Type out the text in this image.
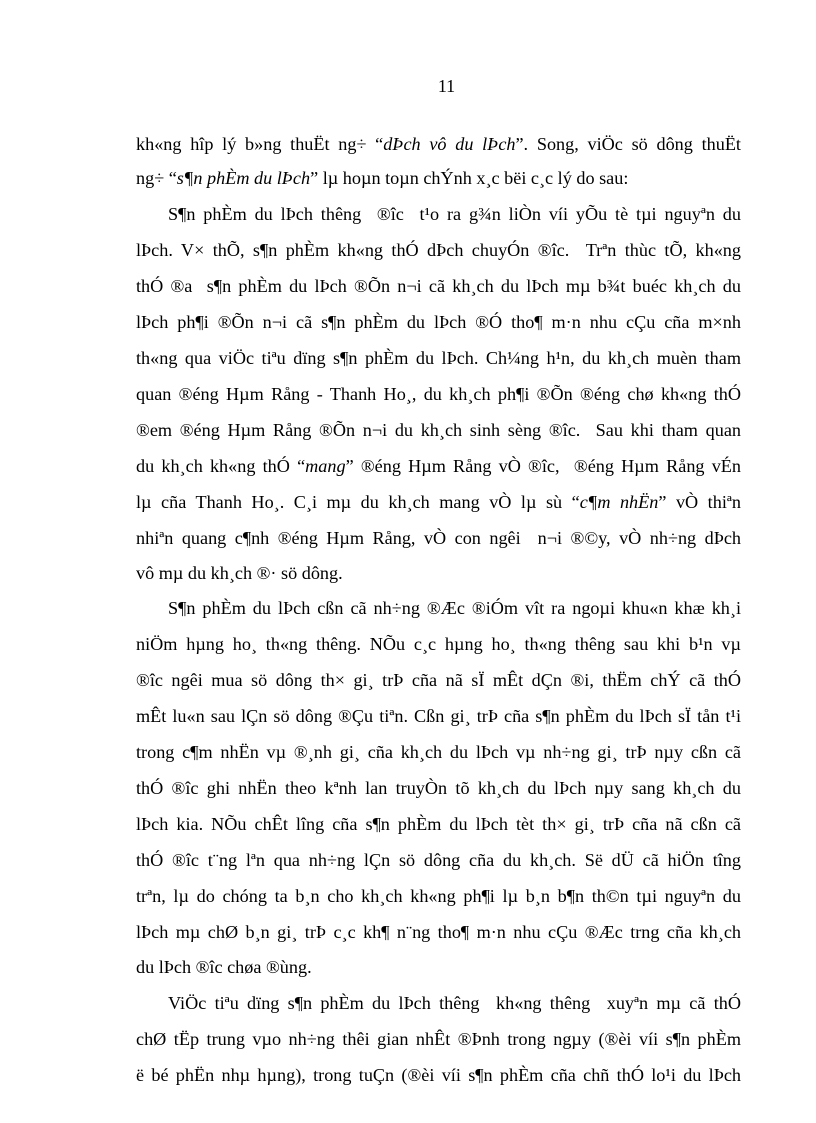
11
kh«ng hîp lý b»ng thuËt ng÷ “dÞch vô du lÞch”. Song, viÖc sö dông thuËt
ng÷ “s¶n phÈm du lÞch” lµ hoµn toµn chÝnh x¸c bëi c¸c lý do sau:
S¶n phÈm du lÞch thêng  ®îc  t¹o ra g¾n liÒn víi yÕu tè tµi nguyªn du
lÞch. V× thÕ, s¶n phÈm kh«ng thÓ dÞch chuyÓn ®îc.  Trªn thùc tÕ, kh«ng
thÓ ®a  s¶n phÈm du lÞch ®Õn n¬i cã kh¸ch du lÞch mµ b¾t buéc kh¸ch du
lÞch ph¶i ®Õn n¬i cã s¶n phÈm du lÞch ®Ó tho¶ m·n nhu cÇu cña m×nh
th«ng qua viÖc tiªu dïng s¶n phÈm du lÞch. Ch¼ng h¹n, du kh¸ch muèn tham
quan ®éng Hµm Rång - Thanh Ho¸, du kh¸ch ph¶i ®Õn ®éng chø kh«ng thÓ
®em ®éng Hµm Rång ®Õn n¬i du kh¸ch sinh sèng ®îc.  Sau khi tham quan
du kh¸ch kh«ng thÓ “mang” ®éng Hµm Rång vÒ ®îc,  ®éng Hµm Rång vÉn
lµ cña Thanh Ho¸. C¸i mµ du kh¸ch mang vÒ lµ sù “c¶m nhËn” vÒ thiªn
nhiªn quang c¶nh ®éng Hµm Rång, vÒ con ngêi  n¬i ®©y, vÒ nh÷ng dÞch
vô mµ du kh¸ch ®· sö dông.
S¶n phÈm du lÞch cßn cã nh÷ng ®Æc ®iÓm vît ra ngoµi khu«n khæ kh¸i
niÖm hµng ho¸ th«ng thêng. NÕu c¸c hµng ho¸ th«ng thêng sau khi b¹n vµ
®îc ngêi mua sö dông th× gi¸ trÞ cña nã sÏ mÊt dÇn ®i, thËm chÝ cã thÓ
mÊt lu«n sau lÇn sö dông ®Çu tiªn. Cßn gi¸ trÞ cña s¶n phÈm du lÞch sÏ tån t¹i
trong c¶m nhËn vµ ®¸nh gi¸ cña kh¸ch du lÞch vµ nh÷ng gi¸ trÞ nµy cßn cã
thÓ ®îc ghi nhËn theo kªnh lan truyÒn tõ kh¸ch du lÞch nµy sang kh¸ch du
lÞch kia. NÕu chÊt lîng cña s¶n phÈm du lÞch tèt th× gi¸ trÞ cña nã cßn cã
thÓ ®îc t¨ng lªn qua nh÷ng lÇn sö dông cña du kh¸ch. Së dÜ cã hiÖn tîng
trªn, lµ do chóng ta b¸n cho kh¸ch kh«ng ph¶i lµ b¸n b¶n th©n tµi nguyªn du
lÞch mµ chØ b¸n gi¸ trÞ c¸c kh¶ n¨ng tho¶ m·n nhu cÇu ®Æc trng cña kh¸ch
du lÞch ®îc chøa ®ùng.
ViÖc tiªu dïng s¶n phÈm du lÞch thêng  kh«ng thêng  xuyªn mµ cã thÓ
chØ tËp trung vµo nh÷ng thêi gian nhÊt ®Þnh trong ngµy (®èi víi s¶n phÈm
ë bé phËn nhµ hµng), trong tuÇn (®èi víi s¶n phÈm cña chñ thÓ lo¹i du lÞch
